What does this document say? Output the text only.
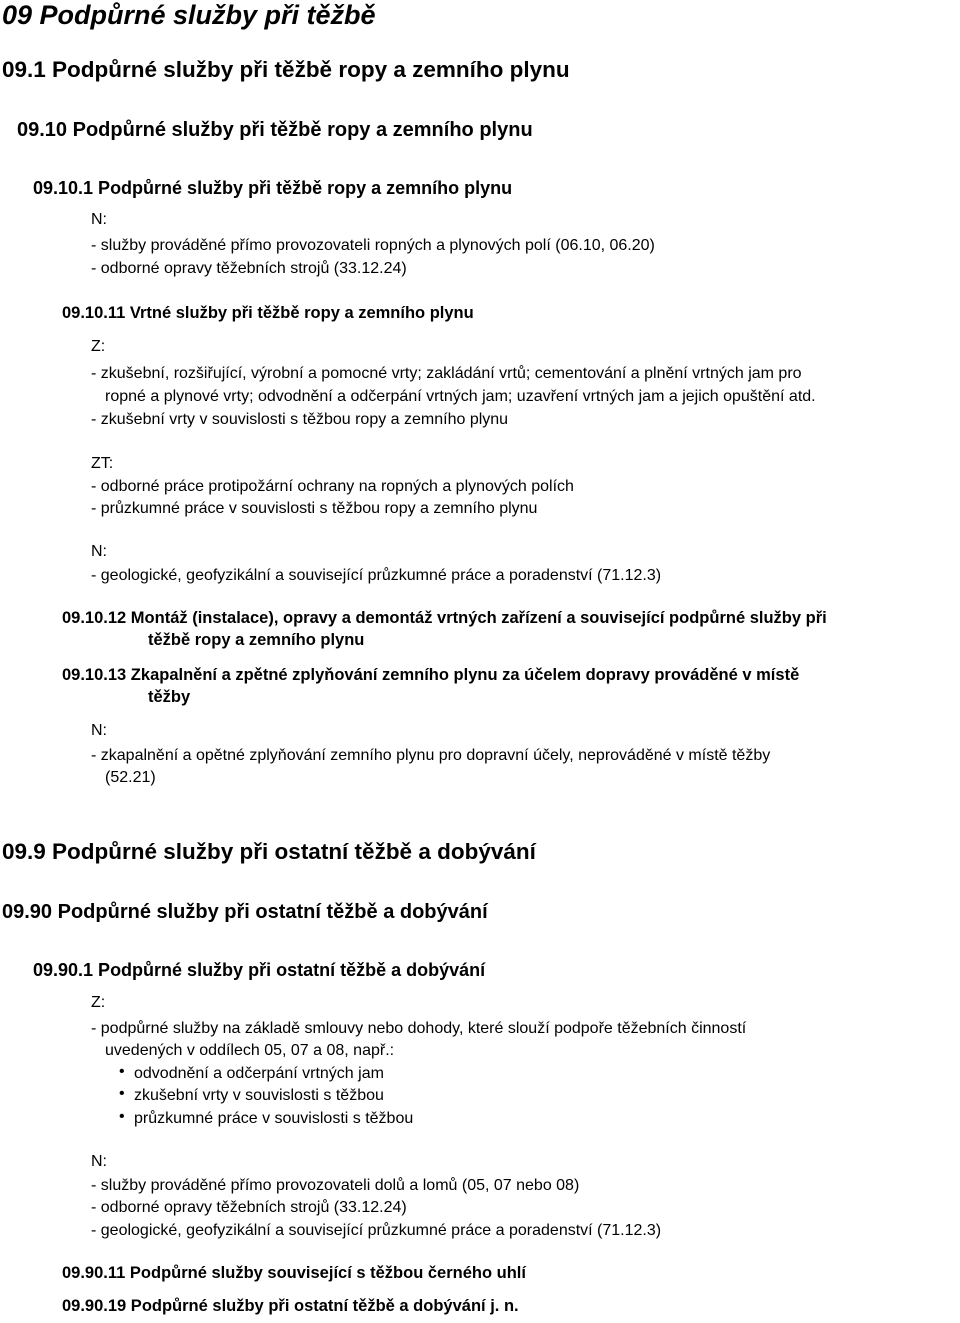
09 Podpůrné služby při těžbě
09.1 Podpůrné služby při těžbě ropy a zemního plynu
09.10 Podpůrné služby při těžbě ropy a zemního plynu
09.10.1 Podpůrné služby při těžbě ropy a zemního plynu
N:
- služby prováděné přímo provozovateli ropných a plynových polí (06.10, 06.20)
- odborné opravy těžebních strojů (33.12.24)
09.10.11 Vrtné služby při těžbě ropy a zemního plynu
Z:
- zkušební, rozšiřující, výrobní a pomocné vrty; zakládání vrtů; cementování a plnění vrtných jam pro
ropné a plynové vrty; odvodnění a odčerpání vrtných jam; uzavření vrtných jam a jejich opuštění atd.
- zkušební vrty v souvislosti s těžbou ropy a zemního plynu
ZT:
- odborné práce protipožární ochrany na ropných a plynových polích
- průzkumné práce v souvislosti s těžbou ropy a zemního plynu
N:
- geologické, geofyzikální a související průzkumné práce a poradenství (71.12.3)
09.10.12 Montáž (instalace), opravy a demontáž vrtných zařízení a související podpůrné služby při
těžbě ropy a zemního plynu
09.10.13 Zkapalnění a zpětné zplyňování zemního plynu za účelem dopravy prováděné v místě
těžby
N:
- zkapalnění a opětné zplyňování zemního plynu pro dopravní účely, neprováděné v místě těžby
(52.21)
09.9 Podpůrné služby při ostatní těžbě a dobývání
09.90 Podpůrné služby při ostatní těžbě a dobývání
09.90.1 Podpůrné služby při ostatní těžbě a dobývání
Z:
- podpůrné služby na základě smlouvy nebo dohody, které slouží podpoře těžebních činností
uvedených v oddílech 05, 07 a 08, např.:
• odvodnění a odčerpání vrtných jam
• zkušební vrty v souvislosti s těžbou
• průzkumné práce v souvislosti s těžbou
N:
- služby prováděné přímo provozovateli dolů a lomů (05, 07 nebo 08)
- odborné opravy těžebních strojů (33.12.24)
- geologické, geofyzikální a související průzkumné práce a poradenství (71.12.3)
09.90.11 Podpůrné služby související s těžbou černého uhlí
09.90.19 Podpůrné služby při ostatní těžbě a dobývání j. n.
